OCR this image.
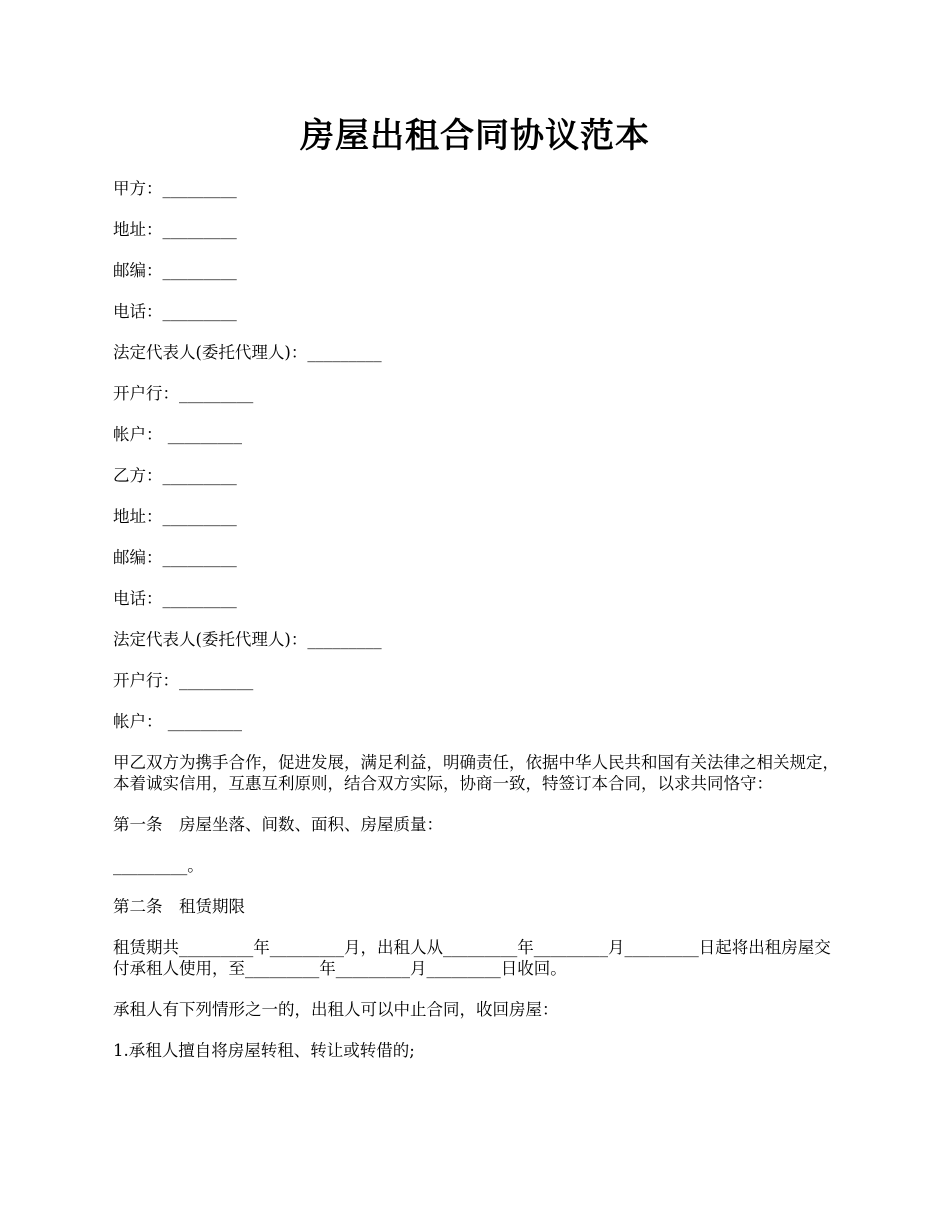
房屋出租合同协议范本

甲方：_________

地址：_________

邮编：_________

电话：_________

法定代表人(委托代理人)：_________

开户行：_________

帐户： _________

乙方：_________

地址：_________

邮编：_________

电话：_________

法定代表人(委托代理人)：_________

开户行：_________

帐户： _________

甲乙双方为携手合作，促进发展，满足利益，明确责任，依据中华人民共和国有关法律之相关规定，本着诚实信用，互惠互利原则，结合双方实际，协商一致，特签订本合同，以求共同恪守：

第一条　房屋坐落、间数、面积、房屋质量：

_________。

第二条　租赁期限

租赁期共_________年_________月，出租人从_________年_________月_________日起将出租房屋交付承租人使用，至_________年_________月_________日收回。

承租人有下列情形之一的，出租人可以中止合同，收回房屋：

1.承租人擅自将房屋转租、转让或转借的;
